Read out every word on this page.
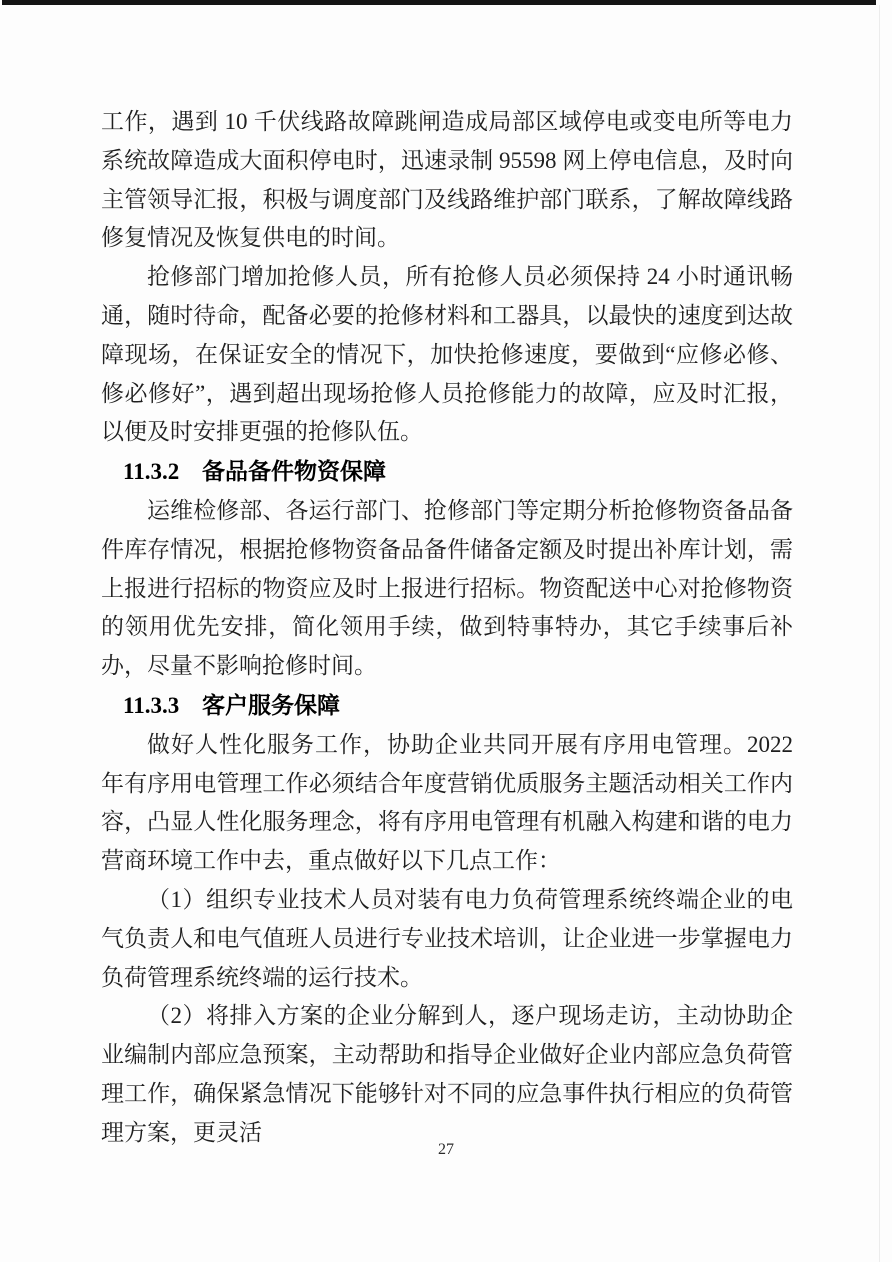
工作，遇到 10 千伏线路故障跳闸造成局部区域停电或变电所等电力系统故障造成大面积停电时，迅速录制 95598 网上停电信息，及时向主管领导汇报，积极与调度部门及线路维护部门联系，了解故障线路修复情况及恢复供电的时间。

抢修部门增加抢修人员，所有抢修人员必须保持 24 小时通讯畅通，随时待命，配备必要的抢修材料和工器具，以最快的速度到达故障现场，在保证安全的情况下，加快抢修速度，要做到“应修必修、修必修好”，遇到超出现场抢修人员抢修能力的故障，应及时汇报，以便及时安排更强的抢修队伍。

11.3.2 备品备件物资保障

运维检修部、各运行部门、抢修部门等定期分析抢修物资备品备件库存情况，根据抢修物资备品备件储备定额及时提出补库计划，需上报进行招标的物资应及时上报进行招标。物资配送中心对抢修物资的领用优先安排，简化领用手续，做到特事特办，其它手续事后补办，尽量不影响抢修时间。

11.3.3 客户服务保障

做好人性化服务工作，协助企业共同开展有序用电管理。2022 年有序用电管理工作必须结合年度营销优质服务主题活动相关工作内容，凸显人性化服务理念，将有序用电管理有机融入构建和谐的电力营商环境工作中去，重点做好以下几点工作：

（1）组织专业技术人员对装有电力负荷管理系统终端企业的电气负责人和电气值班人员进行专业技术培训，让企业进一步掌握电力负荷管理系统终端的运行技术。

（2）将排入方案的企业分解到人，逐户现场走访，主动协助企业编制内部应急预案，主动帮助和指导企业做好企业内部应急负荷管理工作，确保紧急情况下能够针对不同的应急事件执行相应的负荷管理方案，更灵活

27
